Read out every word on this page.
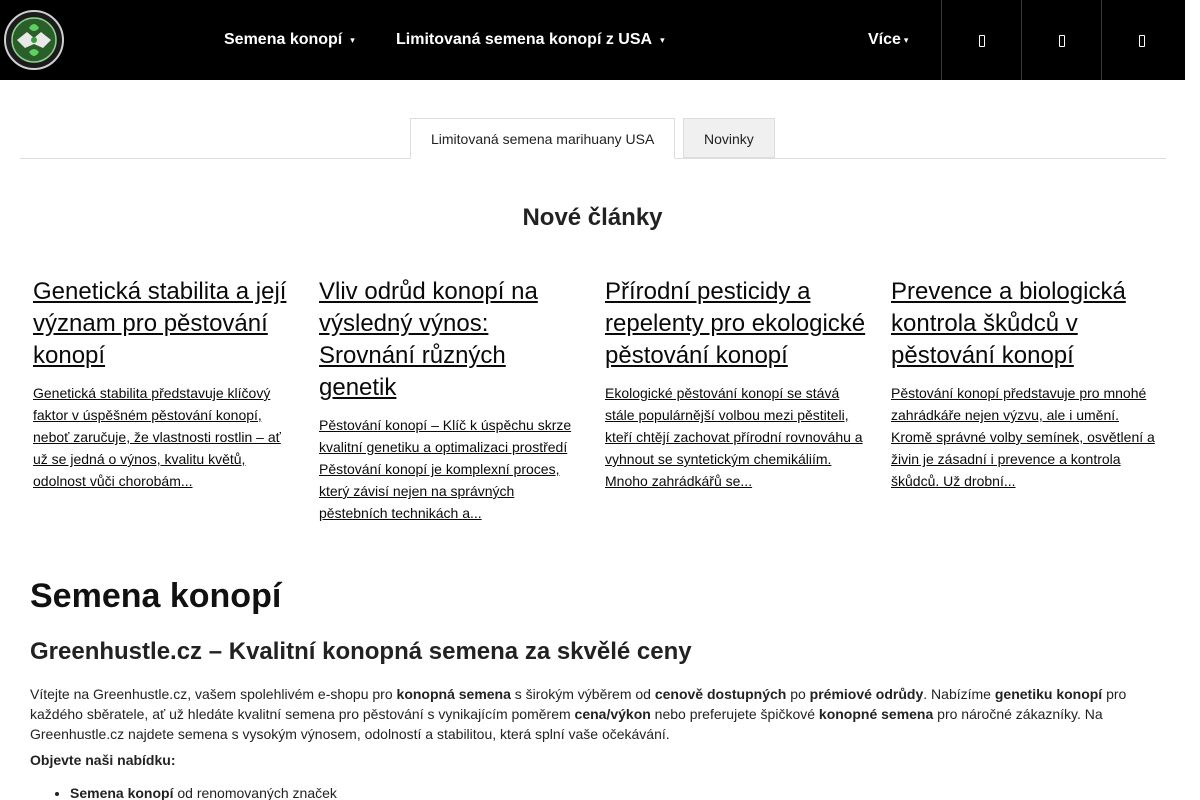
Semena konopí ▾	Limitovaná semena konopí z USA ▾	Více ▾
Limitovaná semena marihuany USA	Novinky
Nové články
Genetická stabilita a její význam pro pěstování konopí
Genetická stabilita představuje klíčový faktor v úspěšném pěstování konopí, neboť zaručuje, že vlastnosti rostlin – ať už se jedná o výnos, kvalitu květů, odolnost vůči chorobám...
Vliv odrůd konopí na výsledný výnos: Srovnání různých genetik
Pěstování konopí – Klíč k úspěchu skrze kvalitní genetiku a optimalizaci prostředí Pěstování konopí je komplexní proces, který závisí nejen na správných pěstebních technikách a...
Přírodní pesticidy a repelenty pro ekologické pěstování konopí
Ekologické pěstování konopí se stává stále populárnější volbou mezi pěstiteli, kteří chtějí zachovat přírodní rovnováhu a vyhnout se syntetickým chemikáliím. Mnoho zahrádkářů se...
Prevence a biologická kontrola škůdců v pěstování konopí
Pěstování konopí představuje pro mnohé zahrádkáře nejen výzvu, ale i umění. Kromě správné volby semínek, osvětlení a živin je zásadní i prevence a kontrola škůdců. Už drobní...
Semena konopí
Greenhustle.cz – Kvalitní konopná semena za skvělé ceny

Vítejte na Greenhustle.cz, vašem spolehlivém e-shopu pro konopná semena s širokým výběrem od cenově dostupných po prémiové odrůdy. Nabízíme genetiku konopí pro každého sběratele, ať už hledáte kvalitní semena pro pěstování s vynikajícím poměrem cena/výkon nebo preferujete špičkové konopné semena pro náročné zákazníky. Na Greenhustle.cz najdete semena s vysokým výnosem, odolností a stabilitou, která splní vaše očekávání.

Objevte naši nabídku:
• Semena konopí od renomovaných značek
